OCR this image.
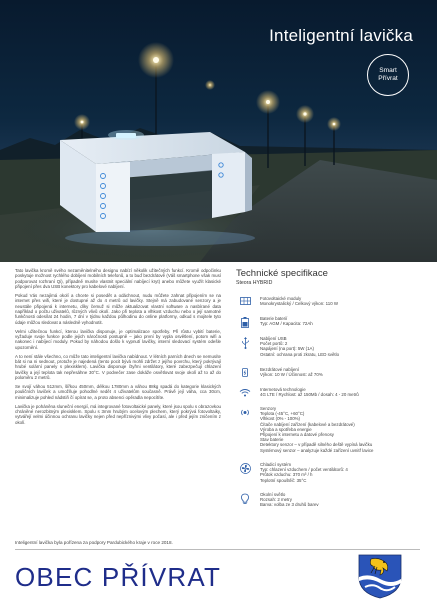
Inteligentní lavička
Smart
Přívrat

Tato lavička kromě svého nezaměnitelného designu nabízí několik užitečných funkcí. Kromě odpočinku poskytuje možnost rychlého dobíjení mobilních telefonů, a to buď bezdrátově (Váš smartphone však musí podporovat rozhraní Qi), případně musíte vlastnit speciální nabíjecí kryt) anebo můžete využít klasické připojení přes dva USB konektory pro kabelové nabíjení.

Pokud Vás nezajímá okolí a chcete si posedět a odáchnout, nudu můžete zahnat připojením se na internet přes wifi, které je dostupné až do 4 metrů od lavičky. Stejně má zabudované senzory a je neustále připojená k internetu, díky čemuž si může aktualizovat vlastní software a nasbírané data například o počtu uživatelů, různých vlivů okolí. Jako při teplota a vlhkost vzduchu nebo o její samotné funkčnosti odesílat 24 hodin, 7 dní v týdnu každou půlhodinu do online platformy, odkud s mojitele tyto údaje můžou sledovat a následně vyhodnotit.

Velmi užitečnou funkcí, kterou lavička disponuje, je optimalizace spotřeby. Při růstu vybití baterie, vyžaduje svoje funkce podle jejich náročnosti postupně – jako první by vypla osvětlení, potom wifi a nakonec i nabíjecí moduly. Pokud by náhodou došlo k vypnutí lavičky, interní sledovací systém odešle upozornění.

A to není stále všechno, co může tato inteligentní lavička nabídnout. V létních parních dnech se nemusíte bát si na ni sednout, protože je najedená (tento pocit bývá mohli zdržet z jejího povrchu, který pokrývají hrubé solární panely s plexisklem). Lavička disponuje čtyřmi ventilátory, které zabezpečují chlazení lavičky a její teplota tak nepřesáhne 30°C. V podvečer zase dokáže osvětlovat svoje okolí až to až do poloměru 2 metrů.

Se svojí váhou 512mm, šířkou 450mm, délkou 1780mm a váhou 88kg spadá do kategorie klasických pouličních laviček a umožňuje pohodlné sedět 4 uživatelům současně. Právě její váha, cca 30cm, minimalizuje pohled nádstiň čí opírat se, a proto absenci opěradla nepocítíte.

Lavička je poháněna sluneční energií, má integrované fotovoltaické panely, které jsou spolu s obrazovkou chráněné nerozbitným plexisklem. Spolu s 3mm hrubým ocelovým plechem, který pokrývá fotovoltaiky, vytvářejí velmi účinnou ochranu lavičky nejen před nepříznivými vlivy počasí, ale i před jejím zničením z okolí.

Technické specifikace
Steora HYBRID
Fotovoltaické moduly
Monokrystalický / Celkový výkon: 110 W
Baterie baterií
Typ: AGM / Kapacita: 72Ah
Nabíjení USB
Počet portů: 2
Napájení (na port): 5W (1A)
Ostatní: ochrana proti zkratu, LED světlo
Bezdrátové nabíjení
Výkon: 10 W / Účinnost: až 70%
Internetová technologie
4G LTE / Rychlost: až 150Mb / dosah: 4 - 20 metrů
Senzory
Teplota (-45°C, +60°C)
Vlhkost (0% - 100%)
Čítače nabíjení zařízení (kabelové a bezdrátové)
Výroba a spotřeba energie
Připojení k internetu a datové přenosy
Stav baterie
Detektory senzor – v případě silného deště vypíná lavičku
Systémový senzor – analyzuje každé zařízení uvnitř lavice
Chladicí systém
Typ: chlazení vzduchem / počet ventilátorů: 4
Průtok vzduchu: 370 m³ / h
Teplotní spouštěč: 35°C
Okolní světlo
Rozsah: 2 metry
Barva: volba ze 3 druhů barev
Inteligentní lavička byla pořízena za podpory Pardubického kraje v roce 2018.
OBEC PŘÍVRAT
